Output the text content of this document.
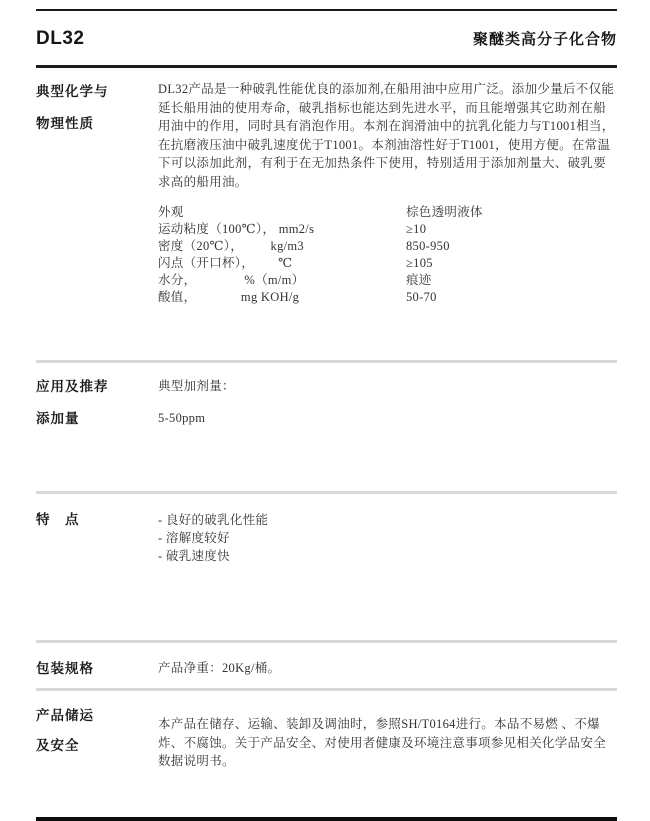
DL32	聚醚类高分子化合物
典型化学与
物理性质
DL32产品是一种破乳性能优良的添加剂,在船用油中应用广泛。添加少量后不仅能延长船用油的使用寿命，破乳指标也能达到先进水平，而且能增强其它助剂在船用油中的作用，同时具有消泡作用。本剂在润滑油中的抗乳化能力与T1001相当，在抗磨液压油中破乳速度优于T1001。本剂油溶性好于T1001，使用方便。在常温下可以添加此剂，有利于在无加热条件下使用，特别适用于添加剂量大、破乳要求高的船用油。
外观	棕色透明液体
运动粘度（100℃）， mm2/s	≥10
密度（20℃），        kg/m3	850-950
闪点（开口杯），       ℃	≥105
水分，              %（m/m）	痕迹
酸值，             mg KOH/g	50-70
应用及推荐	典型加剂量：
添加量	5-50ppm
特　点	- 良好的破乳化性能
- 溶解度较好
- 破乳速度快
包装规格	产品净重：20Kg/桶。
产品储运
及安全
本产品在储存、运输、装卸及调油时，参照SH/T0164进行。本品不易燃 、不爆炸、不腐蚀。关于产品安全、对使用者健康及环境注意事项参见相关化学品安全数据说明书。
